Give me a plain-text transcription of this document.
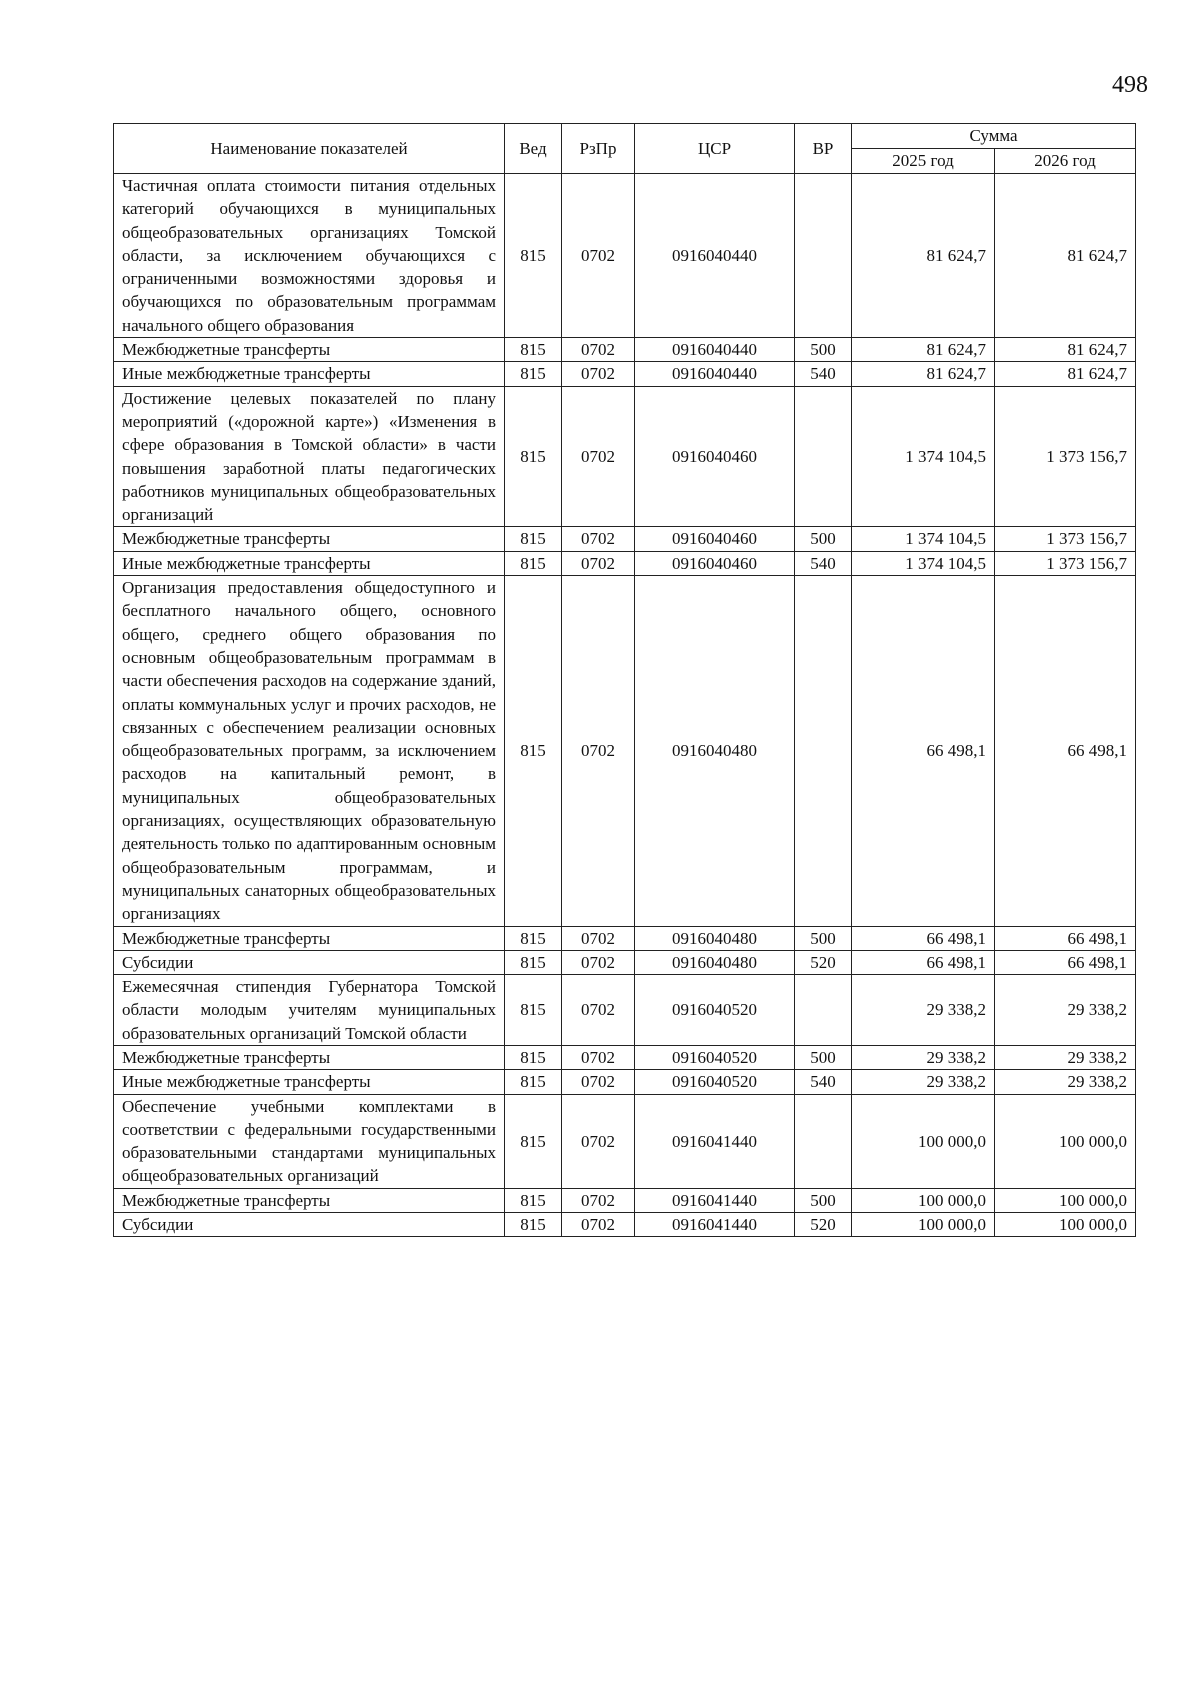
498
Наименование показателей	Вед	РзПр	ЦСР	ВР	Сумма	
					2025 год	2026 год
Частичная оплата стоимости питания отдельных категорий обучающихся в муниципальных общеобразовательных организациях Томской области, за исключением обучающихся с ограниченными возможностями здоровья и обучающихся по образовательным программам начального общего образования	815	0702	0916040440		81 624,7	81 624,7
Межбюджетные трансферты	815	0702	0916040440	500	81 624,7	81 624,7
Иные межбюджетные трансферты	815	0702	0916040440	540	81 624,7	81 624,7
Достижение целевых показателей по плану мероприятий («дорожной карте») «Изменения в сфере образования в Томской области» в части повышения заработной платы педагогических работников муниципальных общеобразовательных организаций	815	0702	0916040460		1 374 104,5	1 373 156,7
Межбюджетные трансферты	815	0702	0916040460	500	1 374 104,5	1 373 156,7
Иные межбюджетные трансферты	815	0702	0916040460	540	1 374 104,5	1 373 156,7
Организация предоставления общедоступного и бесплатного начального общего, основного общего, среднего общего образования по основным общеобразовательным программам в части обеспечения расходов на содержание зданий, оплаты коммунальных услуг и прочих расходов, не связанных с обеспечением реализации основных общеобразовательных программ, за исключением расходов на капитальный ремонт, в муниципальных общеобразовательных организациях, осуществляющих образовательную деятельность только по адаптированным основным общеобразовательным программам, и муниципальных санаторных общеобразовательных организациях	815	0702	0916040480		66 498,1	66 498,1
Межбюджетные трансферты	815	0702	0916040480	500	66 498,1	66 498,1
Субсидии	815	0702	0916040480	520	66 498,1	66 498,1
Ежемесячная стипендия Губернатора Томской области молодым учителям муниципальных образовательных организаций Томской области	815	0702	0916040520		29 338,2	29 338,2
Межбюджетные трансферты	815	0702	0916040520	500	29 338,2	29 338,2
Иные межбюджетные трансферты	815	0702	0916040520	540	29 338,2	29 338,2
Обеспечение учебными комплектами в соответствии с федеральными государственными образовательными стандартами муниципальных общеобразовательных организаций	815	0702	0916041440		100 000,0	100 000,0
Межбюджетные трансферты	815	0702	0916041440	500	100 000,0	100 000,0
Субсидии	815	0702	0916041440	520	100 000,0	100 000,0
